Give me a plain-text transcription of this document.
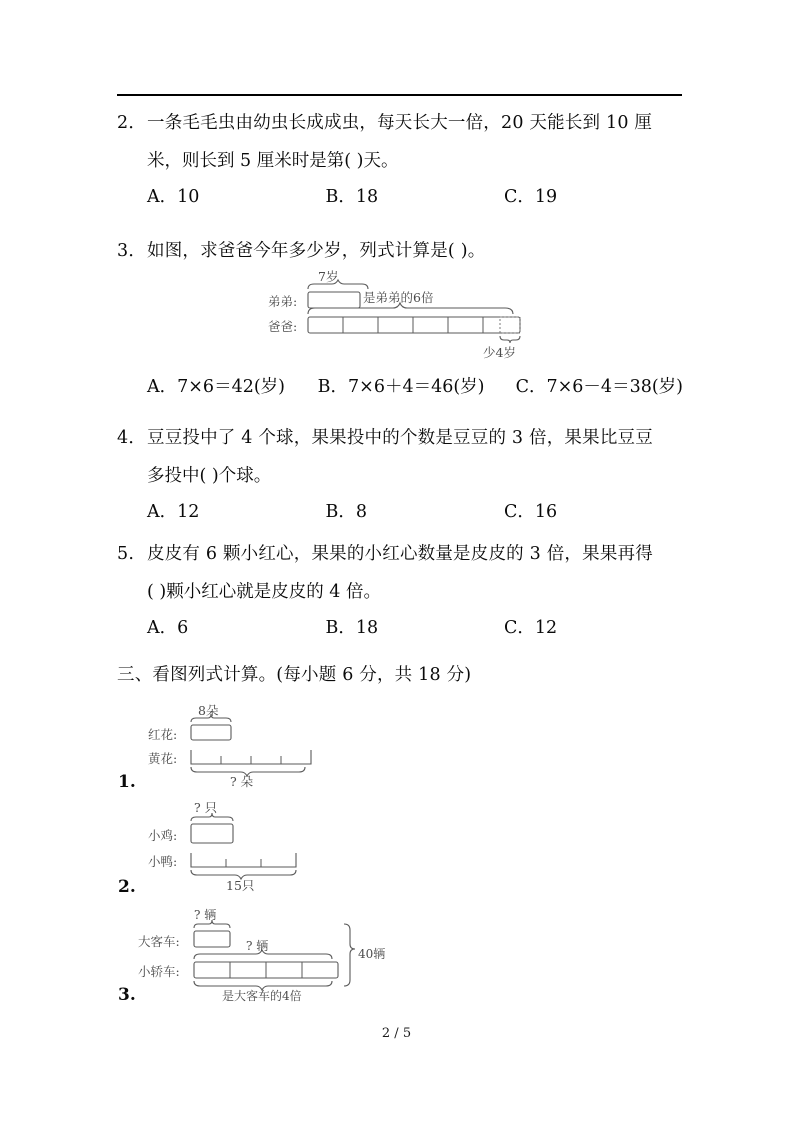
2． 一条毛毛虫由幼虫长成成虫，每天长大一倍，20 天能长到 10 厘
米，则长到 5 厘米时是第( )天。
A．10	B．18	C．19
3． 如图，求爸爸今年多少岁，列式计算是( )。
弟弟:
7岁
爸爸:
是弟弟的6倍
少4岁
A．7×6＝42(岁)	B．7×6＋4＝46(岁)	C．7×6－4＝38(岁)
4． 豆豆投中了 4 个球，果果投中的个数是豆豆的 3 倍，果果比豆豆
多投中( )个球。
A．12	B．8	C．16
5. 皮皮有 6 颗小红心，果果的小红心数量是皮皮的 3 倍，果果再得
( )颗小红心就是皮皮的 4 倍。
A．6	B．18	C．12
三、看图列式计算。(每小题 6 分，共 18 分)
红花:
8朵
黄花:
? 朵
1.
小鸡:
? 只
小鸭:
15只
2.
大客车:
? 辆
小轿车:
? 辆
是大客车的4倍
40辆
3.
2 / 5
